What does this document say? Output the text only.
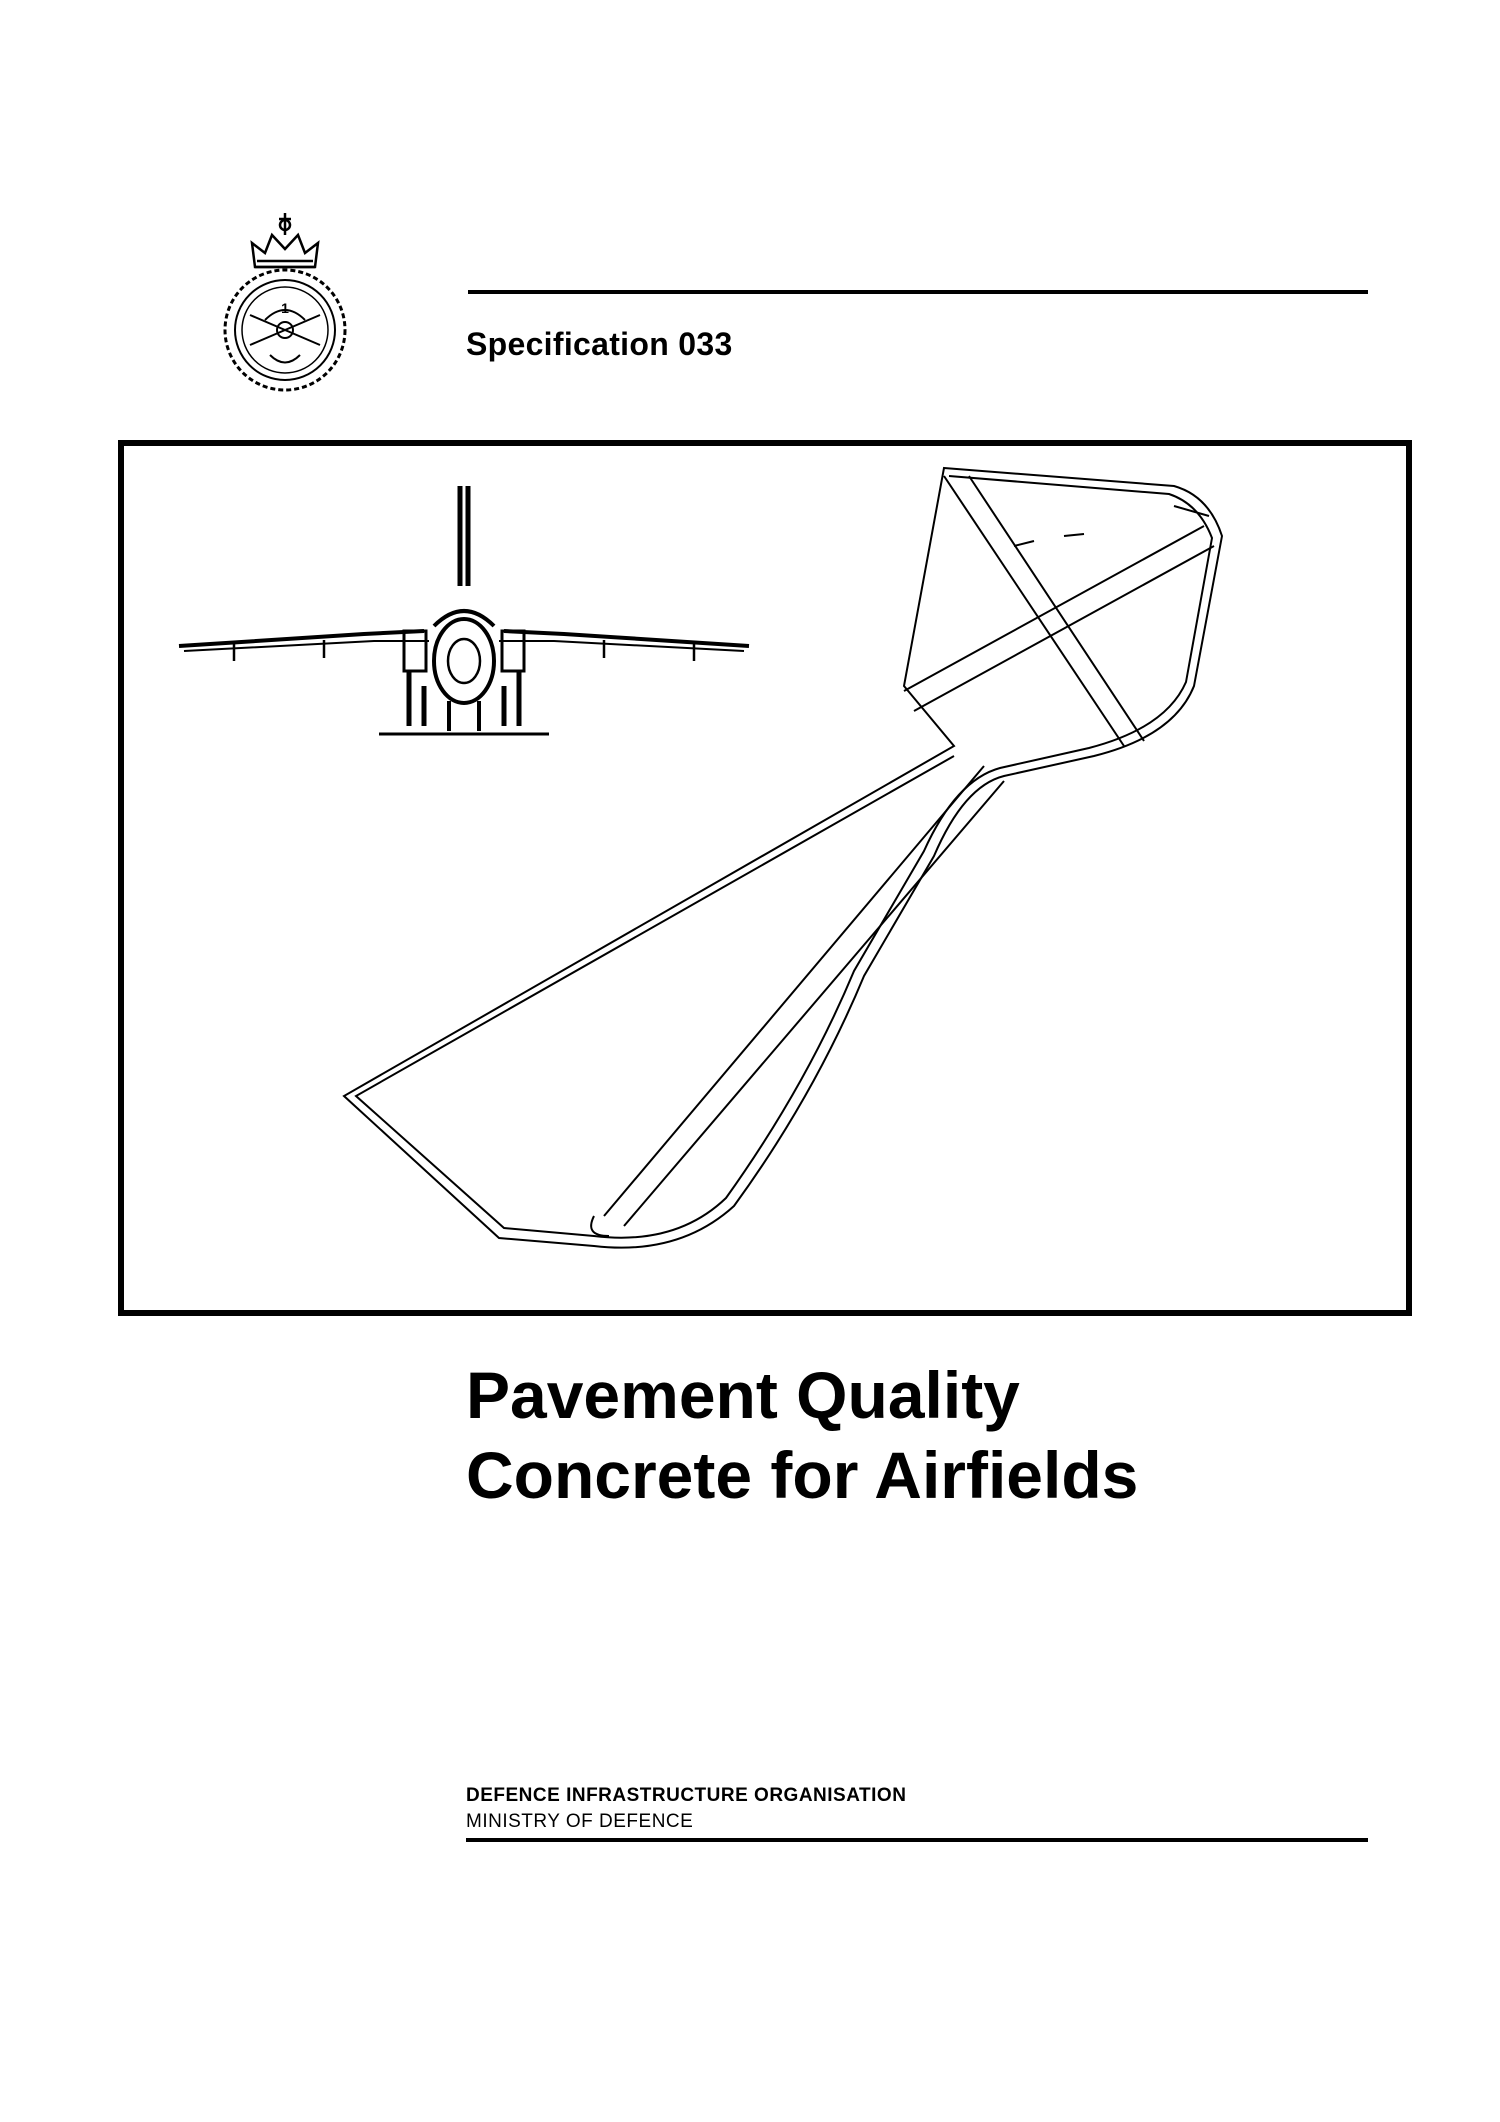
1
Specification 033
Pavement Quality
Concrete for Airfields
DEFENCE INFRASTRUCTURE ORGANISATION
MINISTRY OF DEFENCE
